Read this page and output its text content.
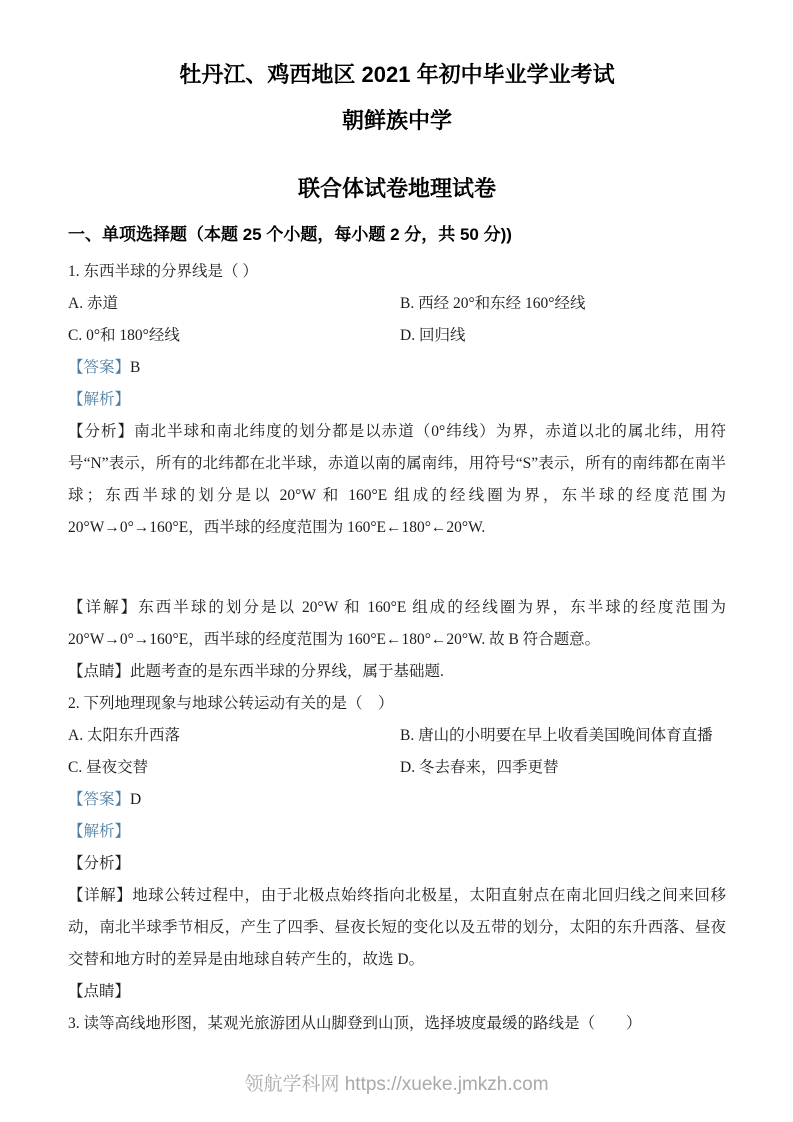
牡丹江、鸡西地区 2021 年初中毕业学业考试
朝鲜族中学
联合体试卷地理试卷
一、单项选择题（本题 25 个小题，每小题 2 分，共 50 分))

1. 东西半球的分界线是（ ）

A. 赤道	B. 西经 20°和东经 160°经线
C. 0°和 180°经线	D. 回归线

【答案】B

【解析】

【分析】南北半球和南北纬度的划分都是以赤道（0°纬线）为界，赤道以北的属北纬，用符号“N”表示，所有的北纬都在北半球，赤道以南的属南纬，用符号“S”表示，所有的南纬都在南半球；东西半球的划分是以 20°W 和 160°E 组成的经线圈为界，东半球的经度范围为 20°W→0°→160°E，西半球的经度范围为 160°E←180°←20°W.

【详解】东西半球的划分是以 20°W 和 160°E 组成的经线圈为界，东半球的经度范围为 20°W→0°→160°E，西半球的经度范围为 160°E←180°←20°W. 故 B 符合题意。

【点睛】此题考查的是东西半球的分界线，属于基础题.

2. 下列地理现象与地球公转运动有关的是（　）

A. 太阳东升西落	B. 唐山的小明要在早上收看美国晚间体育直播
C. 昼夜交替	D. 冬去春来，四季更替

【答案】D

【解析】

【分析】

【详解】地球公转过程中，由于北极点始终指向北极星，太阳直射点在南北回归线之间来回移动，南北半球季节相反，产生了四季、昼夜长短的变化以及五带的划分，太阳的东升西落、昼夜交替和地方时的差异是由地球自转产生的，故选 D。

【点睛】

3. 读等高线地形图，某观光旅游团从山脚登到山顶，选择坡度最缓的路线是（　　）

领航学科网 https://xueke.jmkzh.com
